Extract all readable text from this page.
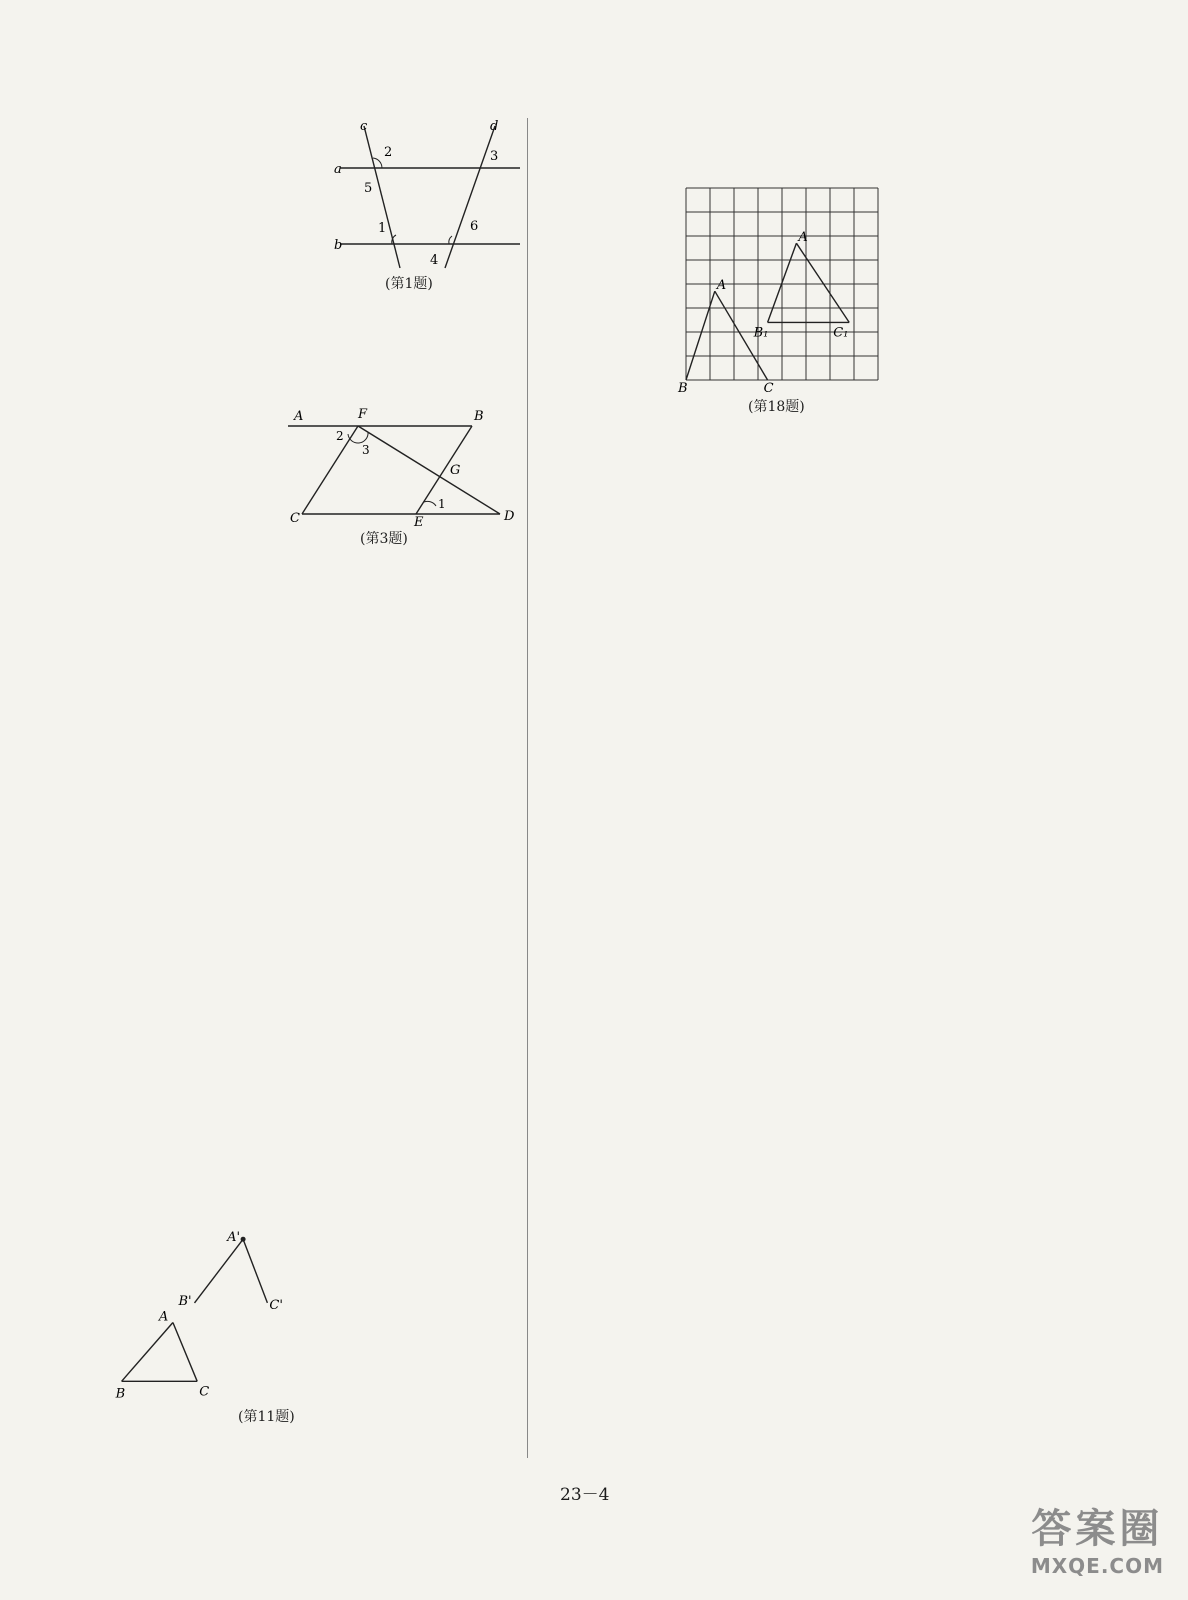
c	d
a
b
1
2	3
4
5
6
(第1题)
A	F	B
C	E	D
G
1
2
3
(第3题)
A'
B'	C'
A
B	C
(第11题)
A
A
B	C
B₁	C₁
(第18题)
23－4
答案圈
MXQE.COM
